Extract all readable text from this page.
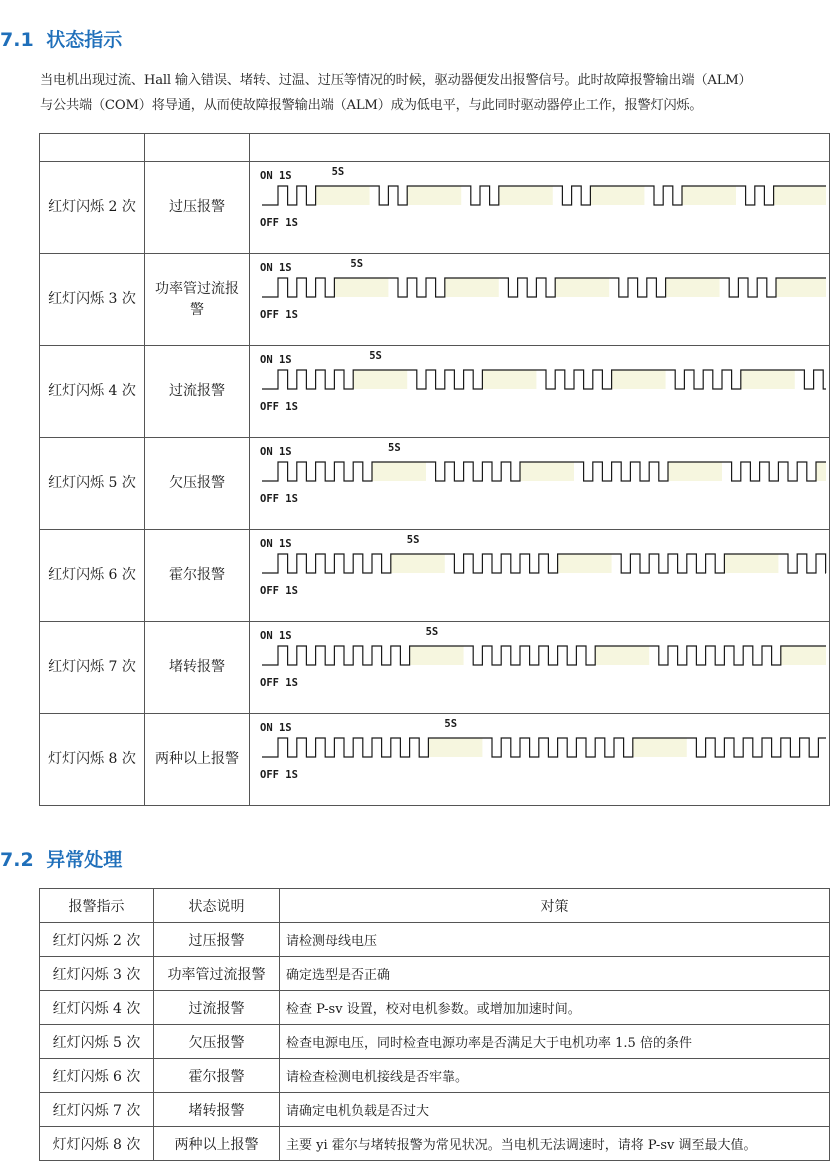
7.1 状态指示

当电机出现过流、Hall 输入错误、堵转、过温、过压等情况的时候，驱动器便发出报警信号。此时故障报警输出端（ALM）

与公共端（COM）将导通，从而使故障报警输出端（ALM）成为低电平，与此同时驱动器停止工作，报警灯闪烁。

红灯闪烁 2 次	过压报警	ON 1S
OFF 1S
5S

红灯闪烁 3 次	功率管过流报警	ON 1S
OFF 1S
5S

红灯闪烁 4 次	过流报警	ON 1S
OFF 1S
5S

红灯闪烁 5 次	欠压报警	ON 1S
OFF 1S
5S

红灯闪烁 6 次	霍尔报警	ON 1S
OFF 1S
5S

红灯闪烁 7 次	堵转报警	ON 1S
OFF 1S
5S

灯灯闪烁 8 次	两种以上报警	ON 1S
OFF 1S
5S
7.2 异常处理
报警指示	状态说明	对策
红灯闪烁 2 次	过压报警	请检测母线电压
红灯闪烁 3 次	功率管过流报警	确定选型是否正确
红灯闪烁 4 次	过流报警	检查 P-sv 设置，校对电机参数。或增加加速时间。
红灯闪烁 5 次	欠压报警	检查电源电压，同时检查电源功率是否满足大于电机功率 1.5 倍的条件
红灯闪烁 6 次	霍尔报警	请检查检测电机接线是否牢靠。
红灯闪烁 7 次	堵转报警	请确定电机负载是否过大
灯灯闪烁 8 次	两种以上报警	主要 yi 霍尔与堵转报警为常见状况。当电机无法调速时，请将 P-sv 调至最大值。
